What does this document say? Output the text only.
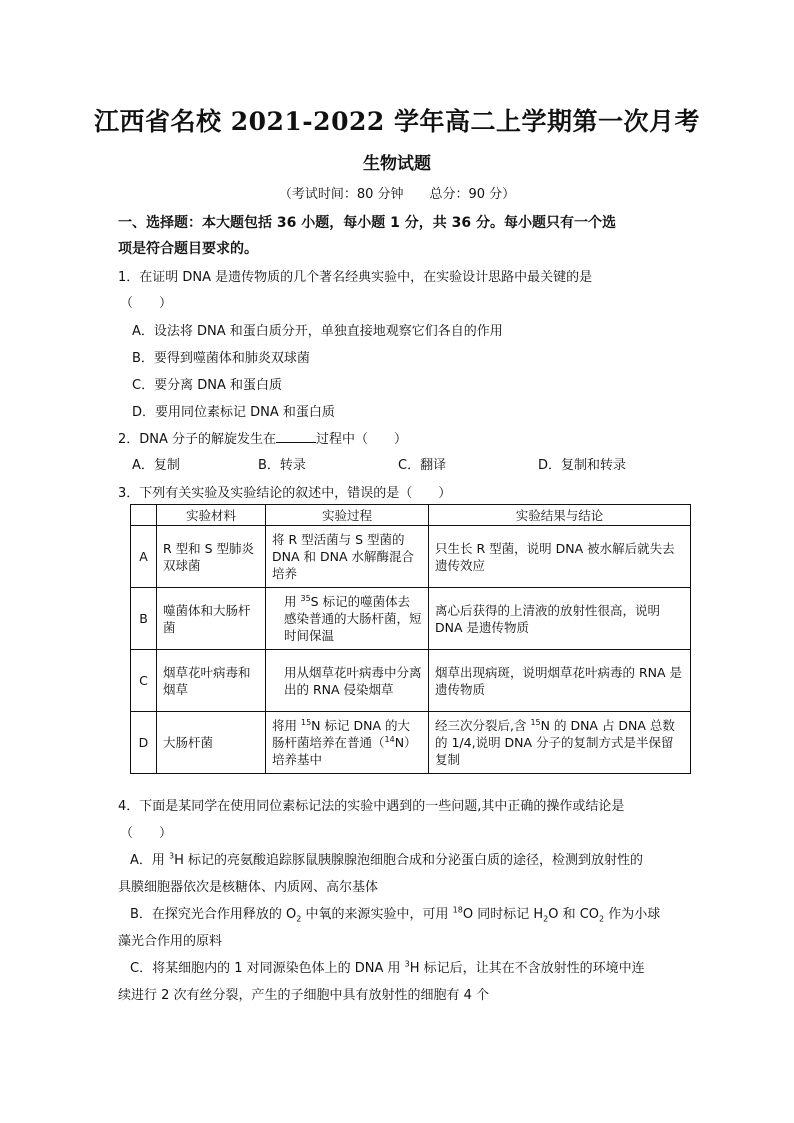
江西省名校 2021-2022 学年高二上学期第一次月考
生物试题
（考试时间：80 分钟　　总分：90 分）
一、选择题：本大题包括 36 小题，每小题 1 分，共 36 分。每小题只有一个选
项是符合题目要求的。
1．在证明 DNA 是遗传物质的几个著名经典实验中，在实验设计思路中最关键的是
（　　）
A．设法将 DNA 和蛋白质分开，单独直接地观察它们各自的作用
B．要得到噬菌体和肺炎双球菌
C．要分离 DNA 和蛋白质
D．要用同位素标记 DNA 和蛋白质
2．DNA 分子的解旋发生在	过程中（　　）
A．复制	B．转录	C．翻译	D．复制和转录
3．下列有关实验及实验结论的叙述中，错误的是（　　）
	实验材料	实验过程	实验结果与结论
A	R 型和 S 型肺炎双球菌	将 R 型活菌与 S 型菌的 DNA 和 DNA 水解酶混合培养	只生长 R 型菌，说明 DNA 被水解后就失去遗传效应
B	噬菌体和大肠杆菌	用 $^{35}$S 标记的噬菌体去感染普通的大肠杆菌，短时间保温	离心后获得的上清液的放射性很高，说明 DNA 是遗传物质
C	烟草花叶病毒和烟草	用从烟草花叶病毒中分离出的 RNA 侵染烟草	烟草出现病斑，说明烟草花叶病毒的 RNA 是遗传物质
D	大肠杆菌	将用 $^{15}$N 标记 DNA 的大肠杆菌培养在普通（$^{14}$N）培养基中	经三次分裂后,含 $^{15}$N 的 DNA 占 DNA 总数的 1/4,说明 DNA 分子的复制方式是半保留复制
4．下面是某同学在使用同位素标记法的实验中遇到的一些问题,其中正确的操作或结论是
（　　）
A．用 $^3$H 标记的亮氨酸追踪豚鼠胰腺腺泡细胞合成和分泌蛋白质的途径，检测到放射性的
具膜细胞器依次是核糖体、内质网、高尔基体
B．在探究光合作用释放的 $O_2$ 中氧的来源实验中，可用 $^{18}$O 同时标记 $H_2O$ 和 $CO_2$ 作为小球
藻光合作用的原料
C．将某细胞内的 1 对同源染色体上的 DNA 用 $^3$H 标记后，让其在不含放射性的环境中连
续进行 2 次有丝分裂，产生的子细胞中具有放射性的细胞有 4 个
